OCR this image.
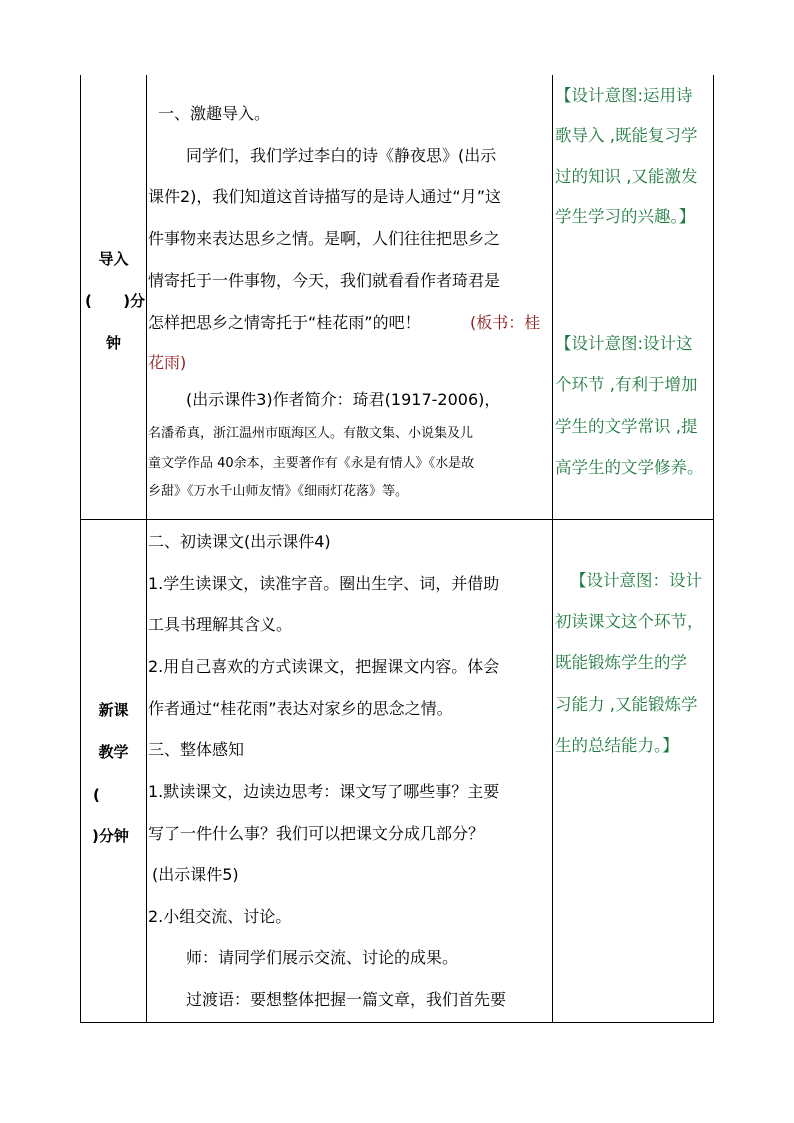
导入
(      )分
钟
一、激趣导入。
同学们，我们学过李白的诗《静夜思》(出示
课件2)，我们知道这首诗描写的是诗人通过“月”这
件事物来表达思乡之情。是啊，人们往往把思乡之
情寄托于一件事物，今天，我们就看看作者琦君是
怎样把思乡之情寄托于“桂花雨”的吧！	(板书：桂
花雨)
(出示课件3)作者简介：琦君(1917-2006)，
名潘希真，浙江温州市瓯海区人。有散文集、小说集及儿
童文学作品 40余本，主要著作有《永是有情人》《水是故
乡甜》《万水千山师友情》《细雨灯花落》等。
【设计意图:运用诗
歌导入 ,既能复习学
过的知识 ,又能激发
学生学习的兴趣。】
【设计意图:设计这
个环节 ,有利于增加
学生的文学常识 ,提
高学生的文学修养。
新课
教学
(
)分钟
二、初读课文(出示课件4)
1.学生读课文，读准字音。圈出生字、词，并借助
工具书理解其含义。
2.用自己喜欢的方式读课文，把握课文内容。体会
作者通过“桂花雨”表达对家乡的思念之情。
三、整体感知
1.默读课文，边读边思考：课文写了哪些事？主要
写了一件什么事？我们可以把课文分成几部分？
(出示课件5)
2.小组交流、讨论。
师：请同学们展示交流、讨论的成果。
过渡语：要想整体把握一篇文章，我们首先要
【设计意图：设计
初读课文这个环节，
既能锻炼学生的学
习能力 ,又能锻炼学
生的总结能力。】
